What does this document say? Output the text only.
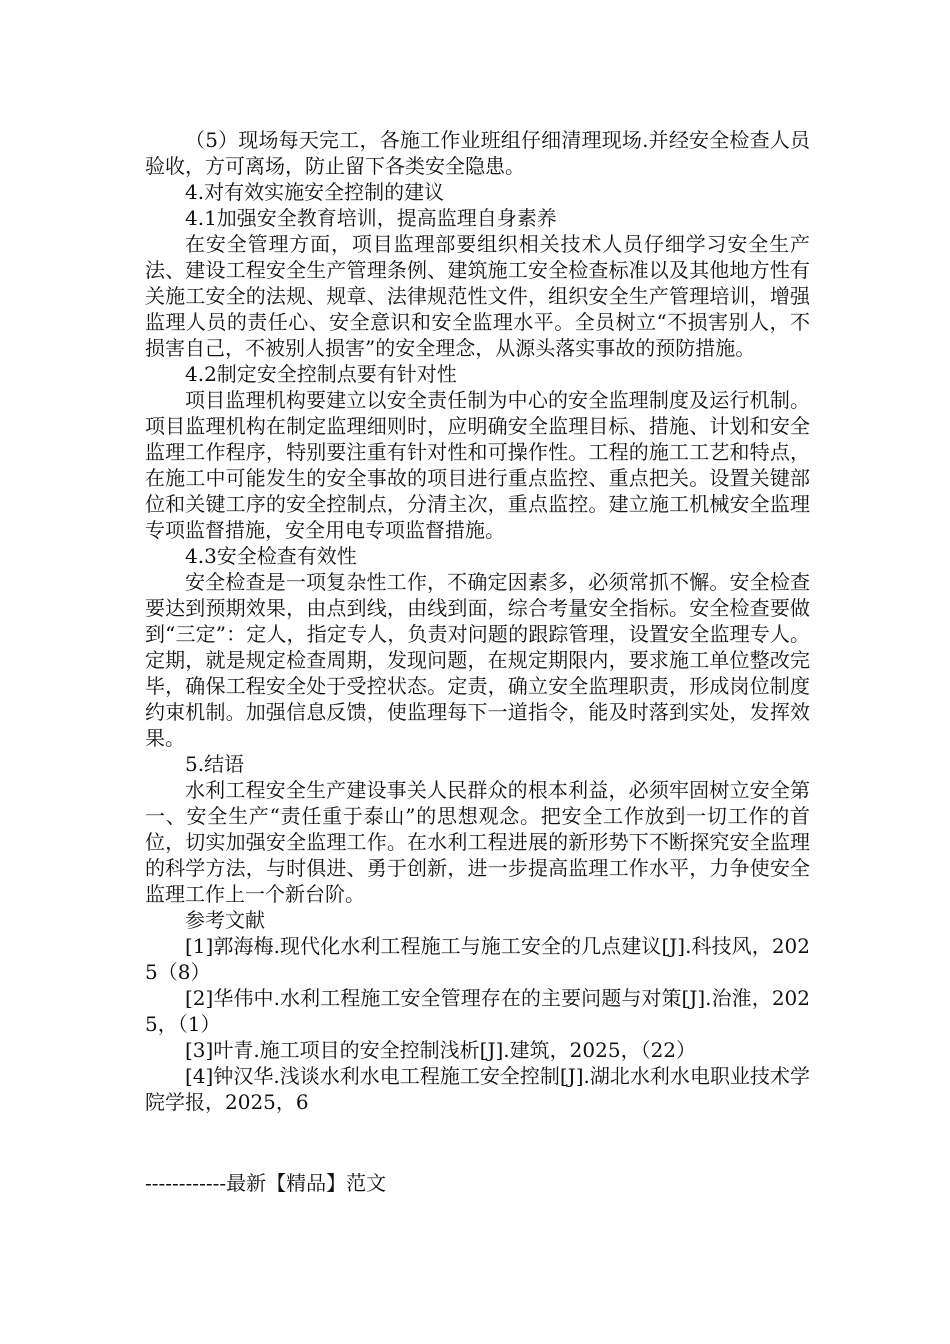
（5）现场每天完工，各施工作业班组仔细清理现场.并经安全检查人员验收，方可离场，防止留下各类安全隐患。

4.对有效实施安全控制的建议

4.1加强安全教育培训，提高监理自身素养

在安全管理方面，项目监理部要组织相关技术人员仔细学习安全生产法、建设工程安全生产管理条例、建筑施工安全检查标准以及其他地方性有关施工安全的法规、规章、法律规范性文件，组织安全生产管理培训，增强监理人员的责任心、安全意识和安全监理水平。全员树立“不损害别人，不损害自己，不被别人损害”的安全理念，从源头落实事故的预防措施。

4.2制定安全控制点要有针对性

项目监理机构要建立以安全责任制为中心的安全监理制度及运行机制。项目监理机构在制定监理细则时，应明确安全监理目标、措施、计划和安全监理工作程序，特别要注重有针对性和可操作性。工程的施工工艺和特点，在施工中可能发生的安全事故的项目进行重点监控、重点把关。设置关键部位和关键工序的安全控制点，分清主次，重点监控。建立施工机械安全监理专项监督措施，安全用电专项监督措施。

4.3安全检查有效性

安全检查是一项复杂性工作，不确定因素多，必须常抓不懈。安全检查要达到预期效果，由点到线，由线到面，综合考量安全指标。安全检查要做到“三定”：定人，指定专人，负责对问题的跟踪管理，设置安全监理专人。定期，就是规定检查周期，发现问题，在规定期限内，要求施工单位整改完毕，确保工程安全处于受控状态。定责，确立安全监理职责，形成岗位制度约束机制。加强信息反馈，使监理每下一道指令，能及时落到实处，发挥效果。

5.结语

水利工程安全生产建设事关人民群众的根本利益，必须牢固树立安全第一、安全生产“责任重于泰山”的思想观念。把安全工作放到一切工作的首位，切实加强安全监理工作。在水利工程进展的新形势下不断探究安全监理的科学方法，与时俱进、勇于创新，进一步提高监理工作水平，力争使安全监理工作上一个新台阶。

参考文献

[1]郭海梅.现代化水利工程施工与施工安全的几点建议[J].科技风，2025（8）

[2]华伟中.水利工程施工安全管理存在的主要问题与对策[J].治淮，2025，（1）

[3]叶青.施工项目的安全控制浅析[J].建筑，2025，（22）

[4]钟汉华.浅谈水利水电工程施工安全控制[J].湖北水利水电职业技术学院学报，2025，6

------------最新【精品】范文
